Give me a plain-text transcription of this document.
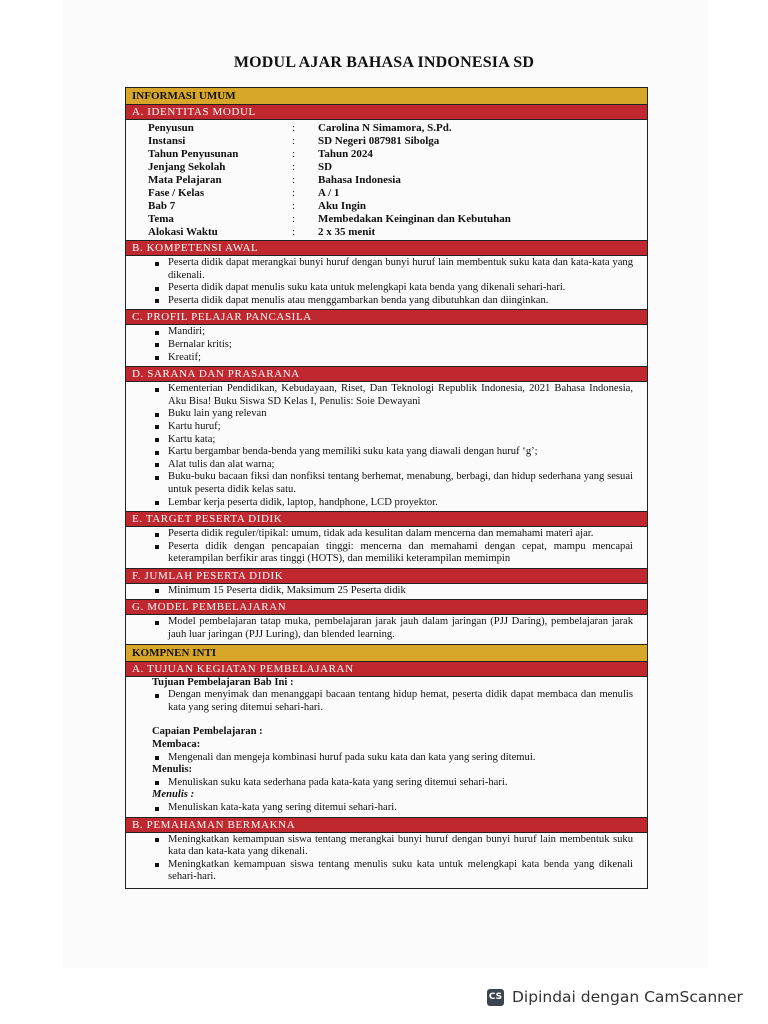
MODUL AJAR BAHASA INDONESIA SD
INFORMASI UMUM
A. IDENTITAS MODUL
Penyusun	:	Carolina N Simamora, S.Pd.
Instansi	:	SD Negeri 087981 Sibolga
Tahun Penyusunan	:	Tahun 2024
Jenjang Sekolah	:	SD
Mata Pelajaran	:	Bahasa Indonesia
Fase / Kelas	:	A / 1
Bab 7	:	Aku Ingin
Tema	:	Membedakan Keinginan dan Kebutuhan
Alokasi Waktu	:	2 x 35 menit
B. KOMPETENSI AWAL
Peserta didik dapat merangkai bunyi huruf dengan bunyi huruf lain membentuk suku kata dan kata-kata yang dikenali.
Peserta didik dapat menulis suku kata untuk melengkapi kata benda yang dikenali sehari-hari.
Peserta didik dapat menulis atau menggambarkan benda yang dibutuhkan dan diinginkan.
C. PROFIL PELAJAR PANCASILA
Mandiri;
Bernalar kritis;
Kreatif;
D. SARANA DAN PRASARANA
Kementerian Pendidikan, Kebudayaan, Riset, Dan Teknologi Republik Indonesia, 2021 Bahasa Indonesia, Aku Bisa! Buku Siswa SD Kelas I, Penulis: Soie Dewayani
Buku lain yang relevan
Kartu huruf;
Kartu kata;
Kartu bergambar benda-benda yang memiliki suku kata yang diawali dengan huruf ‘g’;
Alat tulis dan alat warna;
Buku-buku bacaan fiksi dan nonfiksi tentang berhemat, menabung, berbagi, dan hidup sederhana yang sesuai untuk peserta didik kelas satu.
Lembar kerja peserta didik, laptop, handphone, LCD proyektor.
E. TARGET PESERTA DIDIK
Peserta didik reguler/tipikal: umum, tidak ada kesulitan dalam mencerna dan memahami materi ajar.
Peserta didik dengan pencapaian tinggi: mencerna dan memahami dengan cepat, mampu mencapai keterampilan berfikir aras tinggi (HOTS), dan memiliki keterampilan memimpin
F. JUMLAH PESERTA DIDIK
Minimum 15 Peserta didik, Maksimum 25 Peserta didik
G. MODEL PEMBELAJARAN
Model pembelajaran tatap muka, pembelajaran jarak jauh dalam jaringan (PJJ Daring), pembelajaran jarak jauh luar jaringan (PJJ Luring), dan blended learning.
KOMPNEN INTI
A. TUJUAN KEGIATAN PEMBELAJARAN
Tujuan Pembelajaran Bab Ini :
Dengan menyimak dan menanggapi bacaan tentang hidup hemat, peserta didik dapat membaca dan menulis kata yang sering ditemui sehari-hari.
Capaian Pembelajaran :
Membaca:
Mengenali dan mengeja kombinasi huruf pada suku kata dan kata yang sering ditemui.
Menulis:
Menuliskan suku kata sederhana pada kata-kata yang sering ditemui sehari-hari.
Menulis :
Menuliskan kata-kata yang sering ditemui sehari-hari.
B. PEMAHAMAN BERMAKNA
Meningkatkan kemampuan siswa tentang merangkai bunyi huruf dengan bunyi huruf lain membentuk suku kata dan kata-kata yang dikenali.
Meningkatkan kemampuan siswa tentang menulis suku kata untuk melengkapi kata benda yang dikenali sehari-hari.
CS Dipindai dengan CamScanner
